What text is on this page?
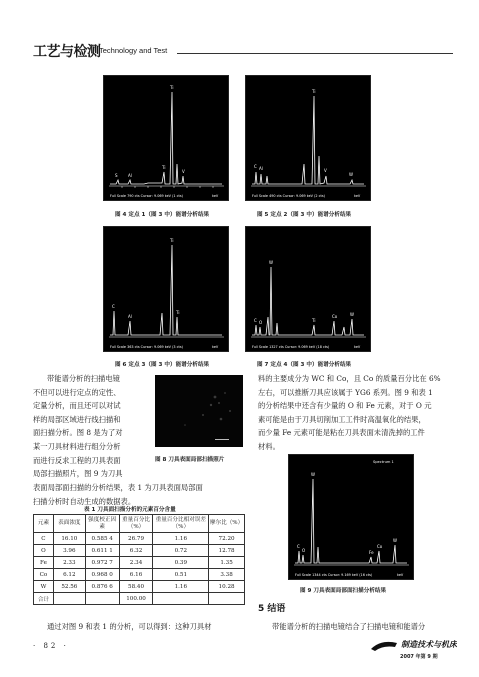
工艺与检测
Technology and Test
Ti
S	Al
Ti
V
Full Scale 790 cts Cursor: 9.069 keV (1 cts)	keV
Ti
C Al	V
W
Full Scale 490 cts Cursor: 9.069 keV (2 cts)	keV
图 4 定点 1（图 3 中）能谱分析结果	图 5 定点 2（图 3 中）能谱分析结果
Ti
C
Al
Ti
Full Scale 363 cts Cursor: 9.069 keV (3 cts)	keV
W
C O	Ti
Co	W
Full Scale 1327 cts Cursor: 9.069 keV (18 cts)	keV
图 6 定点 3（图 3 中）能谱分析结果	图 7 定点 4（图 3 中）能谱分析结果
带能谱分析的扫描电镜
不但可以进行定点的定性、
定量分析，而且还可以对试
样的局部区域进行线扫描和
面扫描分析。图 8 是为了对
某一刀具材料进行组分分析
而进行反求工程的刀具表面
局部扫描照片，图 9 为刀具
图 8 刀具表面局部扫描照片
表面局部面扫描的分析结果，表 1 为刀具表面局部面
扫描分析时自动生成的数据表。
表 1 刀具面扫描分析的元素百分含量
元素	表面浓度	强度校正因素	重量百分比（%）	重量百分比相对误差（%）	摩尔比（%）
C	16.10	0.585 4	26.79	1.16	72.20
O	3.96	0.611 1	6.32	0.72	12.78
Fe	2.33	0.972 7	2.34	0.39	1.35
Co	6.12	0.968 0	6.16	0.51	3.38
W	52.56	0.876 6	58.40	1.16	10.28
合计			100.00		
通过对图 9 和表 1 的分析，可以得到：这种刀具材
料的主要成分为 WC 和 Co，且 Co 的质量百分比在 6%
左右，可以推断刀具应该属于 YG6 系列。图 9 和表 1
的分析结果中还含有少量的 O 和 Fe 元素，对于 O 元
素可能是由于刀具切削加工工件时高温氧化的结果，
而少量 Fe 元素可能是粘在刀具表面未清洗掉的工件
材料。
Spectrum 1
W
C
O	Fe
Co
W
Full Scale 1344 cts Cursor: 9.169 keV (16 cts)	keV
图 9 刀具表面局部面扫描分析结果
5 结语
带能谱分析的扫描电镜结合了扫描电镜和能谱分
· 82 ·	制造技术与机床
2007 年第 9 期
